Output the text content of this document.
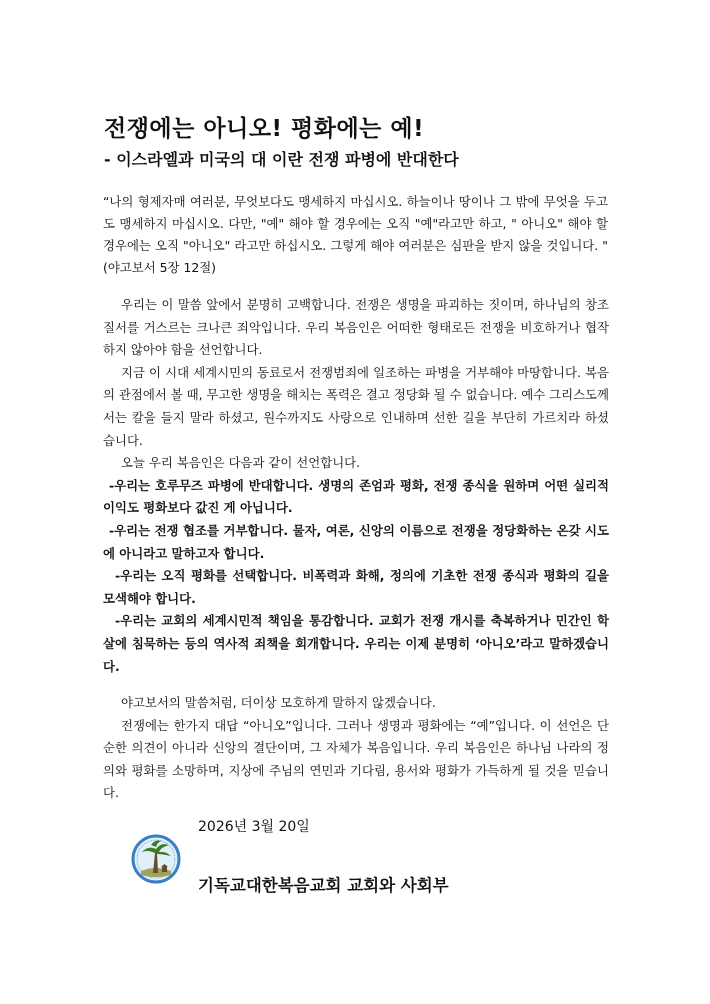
전쟁에는 아니오! 평화에는 예!
- 이스라엘과 미국의 대 이란 전쟁 파병에 반대한다

“나의 형제자매 여러분, 무엇보다도 맹세하지 마십시오. 하늘이나 땅이나 그 밖에 무엇을 두고도 맹세하지 마십시오. 다만, "예" 해야 할 경우에는 오직 "예"라고만 하고, " 아니오" 해야 할 경우에는 오직 "아니오" 라고만 하십시오. 그렇게 해야 여러분은 심판을 받지 않을 것입니다. " (야고보서 5장 12절)

우리는 이 말씀 앞에서 분명히 고백합니다. 전쟁은 생명을 파괴하는 짓이며, 하나님의 창조질서를 거스르는 크나큰 죄악입니다. 우리 복음인은 어떠한 형태로든 전쟁을 비호하거나 협작하지 않아야 함을 선언합니다.

지금 이 시대 세계시민의 동료로서 전쟁범죄에 일조하는 파병을 거부해야 마땅합니다. 복음의 관점에서 볼 때, 무고한 생명을 해치는 폭력은 결고 정당화 될 수 없습니다. 예수 그리스도께서는 칼을 들지 말라 하셨고, 원수까지도 사랑으로 인내하며 선한 길을 부단히 가르치라 하셨습니다.

오늘 우리 복음인은 다음과 같이 선언합니다.

-우리는 호루무즈 파병에 반대합니다. 생명의 존엄과 평화, 전쟁 종식을 원하며 어떤 실리적 이익도 평화보다 값진 게 아닙니다.

-우리는 전쟁 협조를 거부합니다. 물자, 여론, 신앙의 이름으로 전쟁을 정당화하는 온갖 시도에 아니라고 말하고자 합니다.

-우리는 오직 평화를 선택합니다. 비폭력과 화해, 정의에 기초한 전쟁 종식과 평화의 길을 모색해야 합니다.

-우리는 교회의 세계시민적 책임을 통감합니다. 교회가 전쟁 개시를 축복하거나 민간인 학살에 침묵하는 등의 역사적 죄책을 회개합니다. 우리는 이제 분명히 ‘아니오’라고 말하겠습니다.

야고보서의 말씀처럼, 더이상 모호하게 말하지 않겠습니다.

전쟁에는 한가지 대답 “아니오”입니다. 그러나 생명과 평화에는 “예”입니다. 이 선언은 단순한 의견이 아니라 신앙의 결단이며, 그 자체가 복음입니다. 우리 복음인은 하나님 나라의 정의와 평화를 소망하며, 지상에 주님의 연민과 기다림, 용서와 평화가 가득하게 될 것을 믿습니다.

2026년 3월 20일

기독교대한복음교회 교회와 사회부
